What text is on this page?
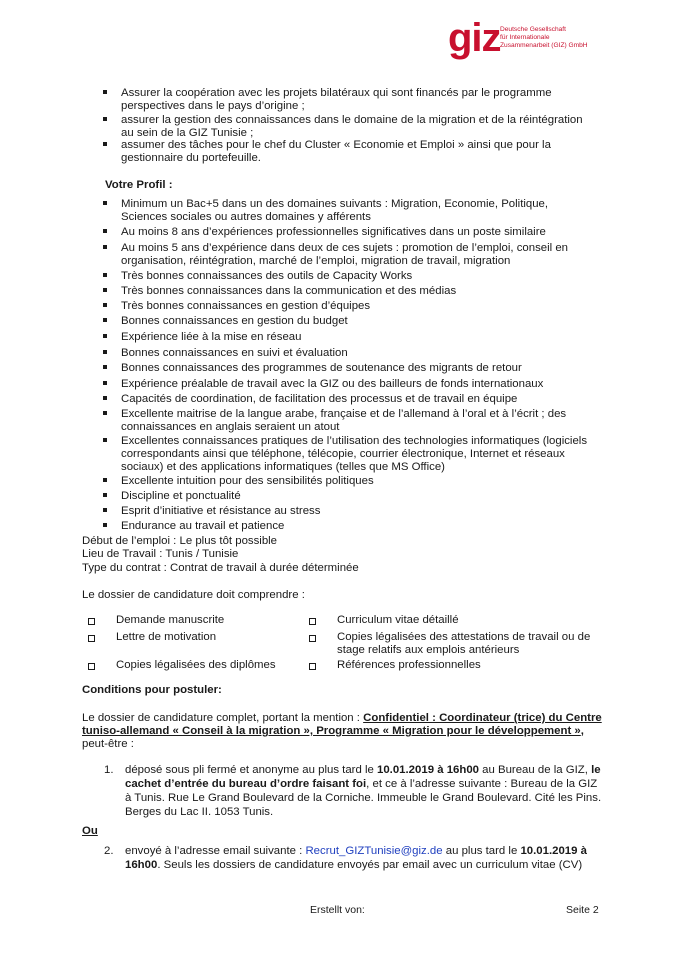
giz Deutsche Gesellschaft
für Internationale
Zusammenarbeit (GIZ) GmbH
Assurer la coopération avec les projets bilatéraux qui sont financés par le programme
perspectives dans le pays d’origine ;
assurer la gestion des connaissances dans le domaine de la migration et de la réintégration
au sein de la GIZ Tunisie ;
assumer des tâches pour le chef du Cluster « Economie et Emploi » ainsi que pour la
gestionnaire du portefeuille.
Votre Profil :
Minimum un Bac+5 dans un des domaines suivants : Migration, Economie, Politique,
Sciences sociales ou autres domaines y afférents
Au moins 8 ans d’expériences professionnelles significatives dans un poste similaire
Au moins 5 ans d’expérience dans deux de ces sujets : promotion de l’emploi, conseil en
organisation, réintégration, marché de l’emploi, migration de travail, migration
Très bonnes connaissances des outils de Capacity Works
Très bonnes connaissances dans la communication et des médias
Très bonnes connaissances en gestion d’équipes
Bonnes connaissances en gestion du budget
Expérience liée à la mise en réseau
Bonnes connaissances en suivi et évaluation
Bonnes connaissances des programmes de soutenance des migrants de retour
Expérience préalable de travail avec la GIZ ou des bailleurs de fonds internationaux
Capacités de coordination, de facilitation des processus et de travail en équipe
Excellente maitrise de la langue arabe, française et de l’allemand à l’oral et à l’écrit ; des
connaissances en anglais seraient un atout
Excellentes connaissances pratiques de l’utilisation des technologies informatiques (logiciels
correspondants ainsi que téléphone, télécopie, courrier électronique, Internet et réseaux
sociaux) et des applications informatiques (telles que MS Office)
Excellente intuition pour des sensibilités politiques
Discipline et ponctualité
Esprit d’initiative et résistance au stress
Endurance au travail et patience
Début de l’emploi : Le plus tôt possible
Lieu de Travail : Tunis / Tunisie
Type du contrat : Contrat de travail à durée déterminée
Le dossier de candidature doit comprendre :
Demande manuscrite	Curriculum vitae détaillé
Lettre de motivation	Copies légalisées des attestations de travail ou de
stage relatifs aux emplois antérieurs
Copies légalisées des diplômes	Références professionnelles
Conditions pour postuler:
Le dossier de candidature complet, portant la mention : Confidentiel : Coordinateur (trice) du Centre
tuniso-allemand « Conseil à la migration », Programme « Migration pour le développement »,
peut-être :
1. déposé sous pli fermé et anonyme au plus tard le 10.01.2019 à 16h00 au Bureau de la GIZ, le
cachet d’entrée du bureau d’ordre faisant foi, et ce à l’adresse suivante : Bureau de la GIZ
à Tunis. Rue Le Grand Boulevard de la Corniche. Immeuble le Grand Boulevard. Cité les Pins.
Berges du Lac II. 1053 Tunis.
Ou
2. envoyé à l’adresse email suivante : Recrut_GIZTunisie@giz.de au plus tard le 10.01.2019 à
16h00. Seuls les dossiers de candidature envoyés par email avec un curriculum vitae (CV)
Erstellt von:	Seite 2
